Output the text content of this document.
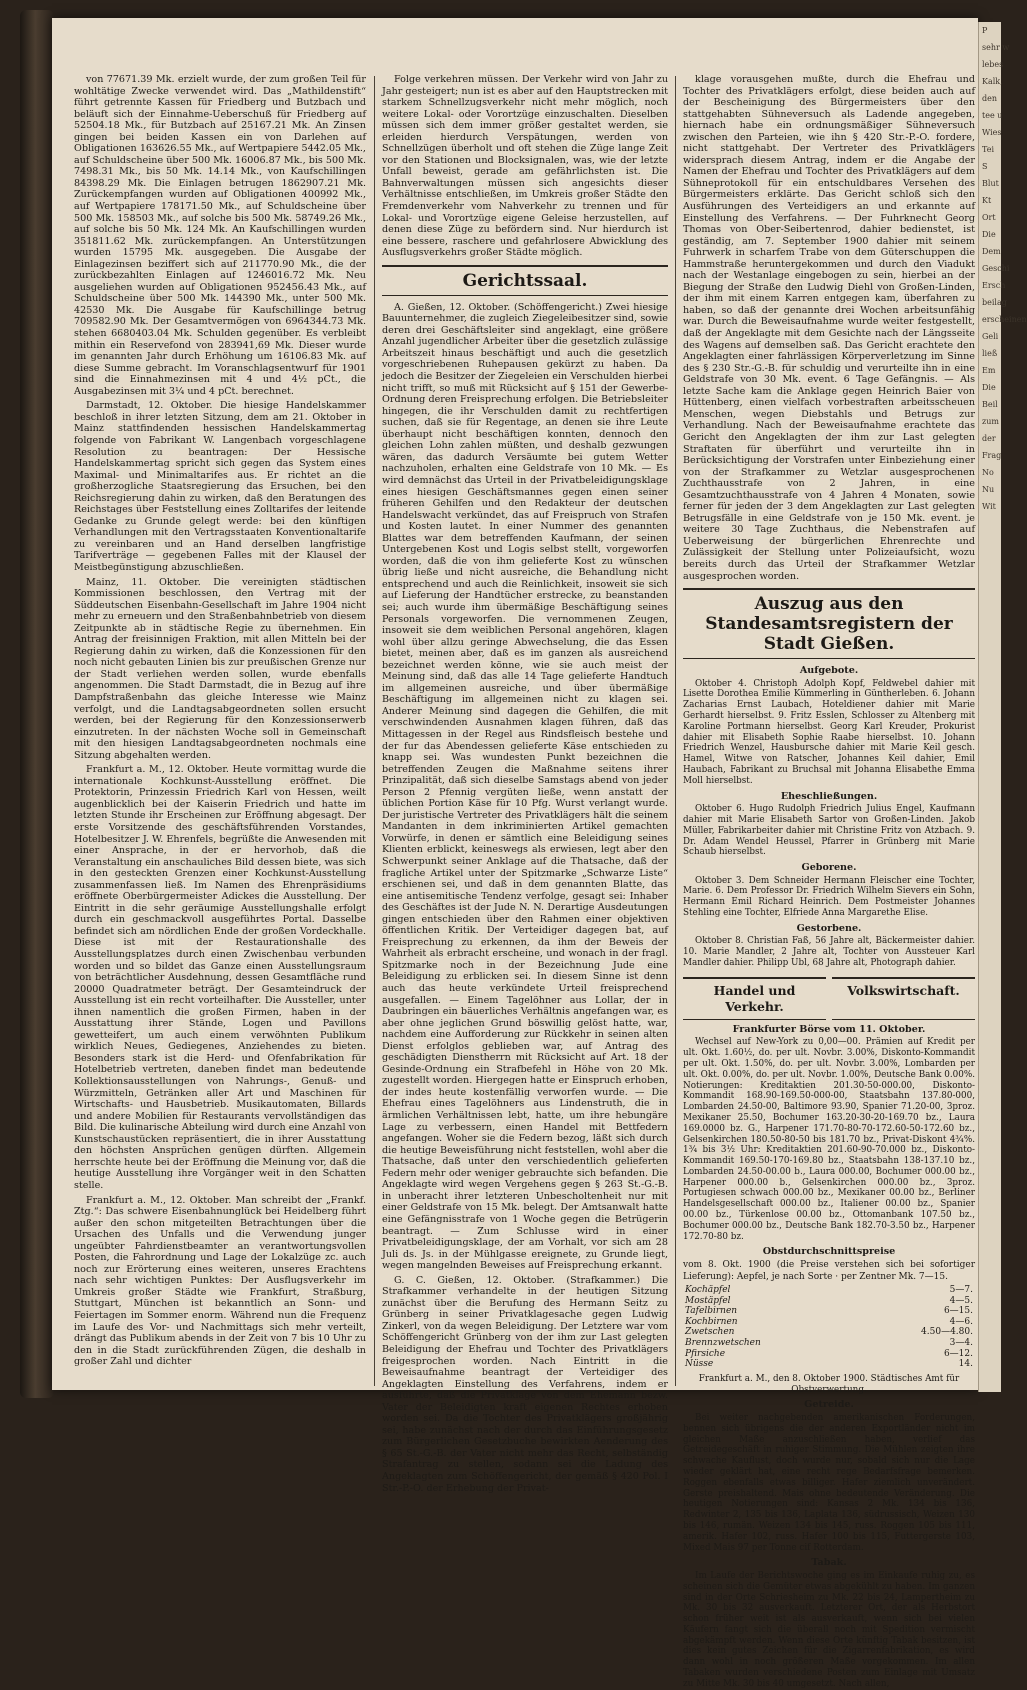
von 77671.39 Mk. erzielt wurde, der zum großen Teil für wohltätige Zwecke verwendet wird. Das „Mathildenstift“ führt getrennte Kassen für Friedberg und Butzbach und beläuft sich der Einnahme-Ueberschuß für Friedberg auf 52504.18 Mk., für Butzbach auf 25167.21 Mk. An Zinsen gingen bei beiden Kassen ein von Darlehen auf Obligationen 163626.55 Mk., auf Wertpapiere 5442.05 Mk., auf Schuldscheine über 500 Mk. 16006.87 Mk., bis 500 Mk. 7498.31 Mk., bis 50 Mk. 14.14 Mk., von Kaufschillingen 84398.29 Mk. Die Einlagen betrugen 1862907.21 Mk. Zurückempfangen wurden auf Obligationen 400992 Mk., auf Wertpapiere 178171.50 Mk., auf Schuldscheine über 500 Mk. 158503 Mk., auf solche bis 500 Mk. 58749.26 Mk., auf solche bis 50 Mk. 124 Mk. An Kaufschillingen wurden 351811.62 Mk. zurückempfangen. An Unterstützungen wurden 15795 Mk. ausgegeben. Die Ausgabe der Einlagezinsen beziffert sich auf 211770.90 Mk., die der zurückbezahlten Einlagen auf 1246016.72 Mk. Neu ausgeliehen wurden auf Obligationen 952456.43 Mk., auf Schuldscheine über 500 Mk. 144390 Mk., unter 500 Mk. 42530 Mk. Die Ausgabe für Kaufschillinge betrug 709582.90 Mk. Der Gesamtvermögen von 6964344.73 Mk. stehen 6680403.04 Mk. Schulden gegenüber. Es verbleibt mithin ein Reservefond von 283941,69 Mk. Dieser wurde im genannten Jahr durch Erhöhung um 16106.83 Mk. auf diese Summe gebracht. Im Voranschlagsentwurf für 1901 sind die Einnahmezinsen mit 4 und 4½ pCt., die Ausgabezinsen mit 3¼ und 4 pCt. berechnet.

Darmstadt, 12. Oktober. Die hiesige Handelskammer beschloß in ihrer letzten Sitzung, dem am 21. Oktober in Mainz stattfindenden hessischen Handelskammertag folgende von Fabrikant W. Langenbach vorgeschlagene Resolution zu beantragen: Der Hessische Handelskammertag spricht sich gegen das System eines Maximal- und Minimaltarifes aus. Er richtet an die großherzogliche Staatsregierung das Ersuchen, bei den Reichsregierung dahin zu wirken, daß den Beratungen des Reichstages über Feststellung eines Zolltarifes der leitende Gedanke zu Grunde gelegt werde: bei den künftigen Verhandlungen mit den Vertragsstaaten Konventionaltarife zu vereinbaren und an Hand derselben langfristige Tarifverträge — gegebenen Falles mit der Klausel der Meistbegünstigung abzuschließen.

Mainz, 11. Oktober. Die vereinigten städtischen Kommissionen beschlossen, den Vertrag mit der Süddeutschen Eisenbahn-Gesellschaft im Jahre 1904 nicht mehr zu erneuern und den Straßenbahnbetrieb von diesem Zeitpunkte ab in städtische Regie zu übernehmen. Ein Antrag der freisinnigen Fraktion, mit allen Mitteln bei der Regierung dahin zu wirken, daß die Konzessionen für den noch nicht gebauten Linien bis zur preußischen Grenze nur der Stadt verliehen werden sollen, wurde ebenfalls angenommen. Die Stadt Darmstadt, die in Bezug auf ihre Dampfstraßenbahn das gleiche Interesse wie Mainz verfolgt, und die Landtagsabgeordneten sollen ersucht werden, bei der Regierung für den Konzessionserwerb einzutreten. In der nächsten Woche soll in Gemeinschaft mit den hiesigen Landtagsabgeordneten nochmals eine Sitzung abgehalten werden.

Frankfurt a. M., 12. Oktober. Heute vormittag wurde die internationale Kochkunst-Ausstellung eröffnet. Die Protektorin, Prinzessin Friedrich Karl von Hessen, weilt augenblicklich bei der Kaiserin Friedrich und hatte im letzten Stunde ihr Erscheinen zur Eröffnung abgesagt. Der erste Vorsitzende des geschäftsführenden Vorstandes, Hotelbesitzer J. W. Ehrenfels, begrüßte die Anwesenden mit einer Ansprache, in der er hervorhob, daß die Veranstaltung ein anschauliches Bild dessen biete, was sich in den gesteckten Grenzen einer Kochkunst-Ausstellung zusammenfassen ließ. Im Namen des Ehrenpräsidiums eröffnete Oberbürgermeister Adickes die Ausstellung. Der Eintritt in die sehr geräumige Ausstellungshalle erfolgt durch ein geschmackvoll ausgeführtes Portal. Dasselbe befindet sich am nördlichen Ende der großen Vordeckhalle. Diese ist mit der Restaurationshalle des Ausstellungsplatzes durch einen Zwischenbau verbunden worden und so bildet das Ganze einen Ausstellungsraum von beträchtlicher Ausdehnung, dessen Gesamtfläche rund 20000 Quadratmeter beträgt. Der Gesamteindruck der Ausstellung ist ein recht vorteilhafter. Die Aussteller, unter ihnen namentlich die großen Firmen, haben in der Ausstattung ihrer Stände, Logen und Pavillons gewetteifert, um auch einem verwöhnten Publikum wirklich Neues, Gediegenes, Anziehendes zu bieten. Besonders stark ist die Herd- und Ofenfabrikation für Hotelbetrieb vertreten, daneben findet man bedeutende Kollektionsausstellungen von Nahrungs-, Genuß- und Würzmitteln, Getränken aller Art und Maschinen für Wirtschafts- und Hausbetrieb. Musikautomaten, Billards und andere Mobilien für Restaurants vervollständigen das Bild. Die kulinarische Abteilung wird durch eine Anzahl von Kunstschaustücken repräsentiert, die in ihrer Ausstattung den höchsten Ansprüchen genügen dürften. Allgemein herrschte heute bei der Eröffnung die Meinung vor, daß die heutige Ausstellung ihre Vorgänger weit in den Schatten stelle.

Frankfurt a. M., 12. Oktober. Man schreibt der „Frankf. Ztg.“: Das schwere Eisenbahnunglück bei Heidelberg führt außer den schon mitgeteilten Betrachtungen über die Ursachen des Unfalls und die Verwendung junger ungeübter Fahrdienstbeamter an verantwortungsvollen Posten, die Fahrordnung und Lage der Lokalzüge zc. auch noch zur Erörterung eines weiteren, unseres Erachtens nach sehr wichtigen Punktes: Der Ausflugsverkehr im Umkreis großer Städte wie Frankfurt, Straßburg, Stuttgart, München ist bekanntlich an Sonn- und Feiertagen im Sommer enorm. Während nun die Frequenz im Laufe des Vor- und Nachmittags sich mehr verteilt, drängt das Publikum abends in der Zeit von 7 bis 10 Uhr zu den in die Stadt zurückführenden Zügen, die deshalb in großer Zahl und dichter

Folge verkehren müssen. Der Verkehr wird von Jahr zu Jahr gesteigert; nun ist es aber auf den Hauptstrecken mit starkem Schnellzugsverkehr nicht mehr möglich, noch weitere Lokal- oder Vorortzüge einzuschalten. Dieselben müssen sich dem immer größer gestaltet werden, sie erleiden hierdurch Verspätungen, werden von Schnellzügen überholt und oft stehen die Züge lange Zeit vor den Stationen und Blocksignalen, was, wie der letzte Unfall beweist, gerade am gefährlichsten ist. Die Bahnverwaltungen müssen sich angesichts dieser Verhältnisse entschließen, im Umkreis großer Städte den Fremdenverkehr vom Nahverkehr zu trennen und für Lokal- und Vorortzüge eigene Geleise herzustellen, auf denen diese Züge zu befördern sind. Nur hierdurch ist eine bessere, raschere und gefahrlosere Abwicklung des Ausflugsverkehrs großer Städte möglich.

Gerichtssaal.

A. Gießen, 12. Oktober. (Schöffengericht.) Zwei hiesige Bauunternehmer, die zugleich Ziegeleibesitzer sind, sowie deren drei Geschäftsleiter sind angeklagt, eine größere Anzahl jugendlicher Arbeiter über die gesetzlich zulässige Arbeitszeit hinaus beschäftigt und auch die gesetzlich vorgeschriebenen Ruhepausen gekürzt zu haben. Da jedoch die Besitzer der Ziegeleien ein Verschulden hierbei nicht trifft, so muß mit Rücksicht auf § 151 der Gewerbe-Ordnung deren Freisprechung erfolgen. Die Betriebsleiter hingegen, die ihr Verschulden damit zu rechtfertigen suchen, daß sie für Regentage, an denen sie ihre Leute überhaupt nicht beschäftigen konnten, dennoch den gleichen Lohn zahlen müßten, und deshalb gezwungen wären, das dadurch Versäumte bei gutem Wetter nachzuholen, erhalten eine Geldstrafe von 10 Mk. — Es wird demnächst das Urteil in der Privatbeleidigungsklage eines hiesigen Geschäftsmannes gegen einen seiner früheren Gehilfen und den Redakteur der deutschen Handelswacht verkündet, das auf Freispruch von Strafen und Kosten lautet. In einer Nummer des genannten Blattes war dem betreffenden Kaufmann, der seinen Untergebenen Kost und Logis selbst stellt, vorgeworfen worden, daß die von ihm gelieferte Kost zu wünschen übrig ließe und nicht ausreiche, die Behandlung nicht entsprechend und auch die Reinlichkeit, insoweit sie sich auf Lieferung der Handtücher erstrecke, zu beanstanden sei; auch wurde ihm übermäßige Beschäftigung seines Personals vorgeworfen. Die vernommenen Zeugen, insoweit sie dem weiblichen Personal angehören, klagen wohl über allzu geringe Abwechselung, die das Essen bietet, meinen aber, daß es im ganzen als ausreichend bezeichnet werden könne, wie sie auch meist der Meinung sind, daß das alle 14 Tage gelieferte Handtuch im allgemeinen ausreiche, und über übermäßige Beschäftigung im allgemeinen nicht zu klagen sei. Anderer Meinung sind dagegen die Gehilfen, die mit verschwindenden Ausnahmen klagen führen, daß das Mittagessen in der Regel aus Rindsfleisch bestehe und der fur das Abendessen gelieferte Käse entschieden zu knapp sei. Was wundesten Punkt bezeichnen die betreffenden Zeugen die Maßnahme seitens ihrer Prinzipalität, daß sich dieselbe Samstags abend von jeder Person 2 Pfennig vergüten ließe, wenn anstatt der üblichen Portion Käse für 10 Pfg. Wurst verlangt wurde. Der juristische Vertreter des Privatklägers hält die seinem Mandanten in dem inkriminierten Artikel gemachten Vorwürfe, in denen er sämtlich eine Beleidigung seines Klienten erblickt, keineswegs als erwiesen, legt aber den Schwerpunkt seiner Anklage auf die Thatsache, daß der fragliche Artikel unter der Spitzmarke „Schwarze Liste“ erschienen sei, und daß in dem genannten Blatte, das eine antisemitische Tendenz verfolge, gesagt sei: Inhaber des Geschäftes ist der Jude N. N. Derartige Ausdeutungen gingen entschieden über den Rahmen einer objektiven öffentlichen Kritik. Der Verteidiger dagegen bat, auf Freisprechung zu erkennen, da ihm der Beweis der Wahrheit als erbracht erscheine, und wonach in der fragl. Spitzmarke noch in der Bezeichnung Jude eine Beleidigung zu erblicken sei. In diesem Sinne ist denn auch das heute verkündete Urteil freisprechend ausgefallen. — Einem Tagelöhner aus Lollar, der in Daubringen ein bäuerliches Verhältnis angefangen war, es aber ohne jeglichen Grund böswillig gelöst hatte, war, nachdem eine Aufforderung zur Rückkehr in seinen alten Dienst erfolglos geblieben war, auf Antrag des geschädigten Dienstherrn mit Rücksicht auf Art. 18 der Gesinde-Ordnung ein Strafbefehl in Höhe von 20 Mk. zugestellt worden. Hiergegen hatte er Einspruch erhoben, der indes heute kostenfällig verworfen wurde. — Die Ehefrau eines Tagelöhners aus Lindenstruth, die in ärmlichen Verhältnissen lebt, hatte, um ihre hebungäre Lage zu verbessern, einen Handel mit Bettfedern angefangen. Woher sie die Federn bezog, läßt sich durch die heutige Beweisführung nicht feststellen, wohl aber die Thatsache, daß unter den verschiedentlich gelieferten Federn mehr oder weniger gebrauchte sich befanden. Die Angeklagte wird wegen Vergehens gegen § 263 St.-G.-B. in unberacht ihrer letzteren Unbescholtenheit nur mit einer Geldstrafe von 15 Mk. belegt. Der Amtsanwalt hatte eine Gefängnisstrafe von 1 Woche gegen die Betrügerin beantragt. — Zum Schlusse wird in einer Privatbeleidigungsklage, der am Vorhalt, vor sich am 28 Juli ds. Js. in der Mühlgasse ereignete, zu Grunde liegt, wegen mangelnden Beweises auf Freisprechung erkannt.

G. C. Gießen, 12. Oktober. (Strafkammer.) Die Strafkammer verhandelte in der heutigen Sitzung zunächst über die Berufung des Hermann Seitz zu Grünberg in seiner Privatklagesache gegen Ludwig Zinkerl, von da wegen Beleidigung. Der Letztere war vom Schöffengericht Grünberg von der ihm zur Last gelegten Beleidigung der Ehefrau und Tochter des Privatklägers freigesprochen worden. Nach Eintritt in die Beweisaufnahme beantragt der Verteidiger des Angeklagten Einstellung des Verfahrens, indem er ausführte, daß die Privatklage von dem Ehemann bezw. Vater der Beleidigten kraft eigenen Rechtes erhoben worden sei. Da die Tochter des Privatklägers großjährig sei, habe zunächst nach der durch das Einführungsgesetz zum Bürgerlichen Gesetzbuche bewirkten Aenderung des § 65 St.-G.-B. der Vater nicht mehr das Recht, selbständig Strafantrag zu stellen, sodann sei die Ladung des Angeklagten zum Schöffengericht, der gemäß § 420 Pol. I Str.-P.-O. der Erhebung der Privat-

klage vorausgehen mußte, durch die Ehefrau und Tochter des Privatklägers erfolgt, diese beiden auch auf der Bescheinigung des Bürgermeisters über den stattgehabten Sühneversuch als Ladende angegeben, hiernach habe ein ordnungsmäßiger Sühneversuch zwischen den Parteien, wie ihn § 420 Str.-P.-O. fordere, nicht stattgehabt. Der Vertreter des Privatklägers widersprach diesem Antrag, indem er die Angabe der Namen der Ehefrau und Tochter des Privatklägers auf dem Sühneprotokoll für ein entschuldbares Versehen des Bürgermeisters erklärte. Das Gericht schloß sich den Ausführungen des Verteidigers an und erkannte auf Einstellung des Verfahrens. — Der Fuhrknecht Georg Thomas von Ober-Seibertenrod, dahier bedienstet, ist geständig, am 7. September 1900 dahier mit seinem Fuhrwerk in scharfem Trabe von dem Güterschuppen die Hammstraße heruntergekommen und durch den Viadukt nach der Westanlage eingebogen zu sein, hierbei an der Biegung der Straße den Ludwig Diehl von Großen-Linden, der ihm mit einem Karren entgegen kam, überfahren zu haben, so daß der genannte drei Wochen arbeitsunfähig war. Durch die Beweisaufnahme wurde weiter festgestellt, daß der Angeklagte mit dem Gesichte nach der Längsseite des Wagens auf demselben saß. Das Gericht erachtete den Angeklagten einer fahrlässigen Körperverletzung im Sinne des § 230 Str.-G.-B. für schuldig und verurteilte ihn in eine Geldstrafe von 30 Mk. event. 6 Tage Gefängnis. — Als letzte Sache kam die Anklage gegen Heinrich Baier von Hüttenberg, einen vielfach vorbestraften arbeitsscheuen Menschen, wegen Diebstahls und Betrugs zur Verhandlung. Nach der Beweisaufnahme erachtete das Gericht den Angeklagten der ihm zur Last gelegten Straftaten für überführt und verurteilte ihn in Berücksichtigung der Vorstrafen unter Einbeziehung einer von der Strafkammer zu Wetzlar ausgesprochenen Zuchthausstrafe von 2 Jahren, in eine Gesamtzuchthausstrafe von 4 Jahren 4 Monaten, sowie ferner für jeden der 3 dem Angeklagten zur Last gelegten Betrugsfälle in eine Geldstrafe von je 150 Mk. event. je weitere 30 Tage Zuchthaus, die Nebenstrafen auf Ueberweisung der bürgerlichen Ehrenrechte und Zulässigkeit der Stellung unter Polizeiaufsicht, wozu bereits durch das Urteil der Strafkammer Wetzlar ausgesprochen worden.

Auszug aus den Standesamtsregistern der Stadt Gießen.
Aufgebote.

Oktober 4. Christoph Adolph Kopf, Feldwebel dahier mit Lisette Dorothea Emilie Kümmerling in Güntherleben. 6. Johann Zacharias Ernst Laubach, Hoteldiener dahier mit Marie Gerhardt hierselbst. 9. Fritz Esslen, Schlosser zu Altenberg mit Karoline Portmann hierselbst. Georg Karl Kreuder, Prokurist dahier mit Elisabeth Sophie Raabe hierselbst. 10. Johann Friedrich Wenzel, Hausbursche dahier mit Marie Keil gesch. Hamel, Witwe von Ratscher, Johannes Keil dahier, Emil Haubach, Fabrikant zu Bruchsal mit Johanna Elisabethe Emma Moll hierselbst.

Eheschließungen.

Oktober 6. Hugo Rudolph Friedrich Julius Engel, Kaufmann dahier mit Marie Elisabeth Sartor von Großen-Linden. Jakob Müller, Fabrikarbeiter dahier mit Christine Fritz von Atzbach. 9. Dr. Adam Wendel Heussel, Pfarrer in Grünberg mit Marie Schaub hierselbst.

Geborene.

Oktober 3. Dem Schneider Hermann Fleischer eine Tochter, Marie. 6. Dem Professor Dr. Friedrich Wilhelm Sievers ein Sohn, Hermann Emil Richard Heinrich. Dem Postmeister Johannes Stehling eine Tochter, Elfriede Anna Margarethe Elise.

Gestorbene.

Oktober 8. Christian Faß, 56 Jahre alt, Bäckermeister dahier. 10. Marie Mandler, 2 Jahre alt, Tochter von Aussteuer Karl Mandler dahier. Philipp Ubl, 68 Jahre alt, Photograph dahier.

Handel und Verkehr.
Volkswirtschaft.
Frankfurter Börse vom 11. Oktober.

Wechsel auf New-York zu 0,00—00. Prämien auf Kredit per ult. Okt. 1.60½, do. per ult. Novbr. 3.00%, Diskonto-Kommandit per ult. Okt. 1.50%, do. per ult. Novbr. 3.00%, Lombarden per ult. Okt. 0.00%, do. per ult. Novbr. 1.00%, Deutsche Bank 0.00%. Notierungen: Kreditaktien 201.30-50-000.00, Diskonto-Kommandit 168.90-169.50-000-00, Staatsbahn 137.80-000, Lombarden 24.50-00, Baltimore 93.90, Spanier 71.20-00, 3proz. Mexikaner 25.50, Bochumer 163.20-30-20-169.70 bz., Laura 169.0000 bz. G., Harpener 171.70-80-70-172.60-50-172.60 bz., Gelsenkirchen 180.50-80-50 bis 181.70 bz., Privat-Diskont 4¾%. 1¾ bis 3½ Uhr: Kreditaktien 201.60-90-70.000 bz., Diskonto-Kommandit 169.50-170-169.80 bz., Staatsbahn 138-137.10 bz., Lombarden 24.50-00.00 b., Laura 000.00, Bochumer 000.00 bz., Harpener 000.00 b., Gelsenkirchen 000.00 bz., 3proz. Portugiesen schwach 000.00 bz., Mexikaner 00.00 bz., Berliner Handelsgesellschaft 000.00 bz., Italiener 00.00 bz., Spanier 00.00 bz., Türkenlose 00.00 bz., Ottomanbank 107.50 bz., Bochumer 000.00 bz., Deutsche Bank 182.70-3.50 bz., Harpener 172.70-80 bz.

Obstdurchschnittspreise
vom 8. Okt. 1900 (die Preise verstehen sich bei sofortiger Lieferung): Aepfel, je nach Sorte · per Zentner Mk. 7—15.
Kochäpfel	5—7.
Mostäpfel	4—5.
Tafelbirnen	6—15.
Kochbirnen	4—6.
Zwetschen	4.50—4.80.
Brennzwetschen	3—4.
Pfirsiche	6—12.
Nüsse	14.
Frankfurt a. M., den 8. Oktober 1900. Städtisches Amt für Obstverwertung.
Getreide.

Bei weiter nachgebenden amerikanischen Forderungen, bennen sich übrigens die der anderen Exportländer nicht im gleichen Maße anzuschließen haben, verlief das Getreidegeschäft in ruhiger Stimmung. Die Mühlen zeigten ihre schwache Kauflust, doch wurde nur, sobald sich nur die Lage wieder geklärt hat, eine recht rege Bedarfsfrage bemerken. Roggen ebenfalls etwas billiger. Hafer ziemlich unverändert. Gerste preishaltend. Mais ohne bedeutende Veränderung. Die heutigen Notierungen sind: Kansas 2 Mk. 134 bis 136, Redwinter 2, 135 bis 136, Laplata 136, südrussisch, Weizen 130 bis 146, rumän. Weizen 134 bis 145, russ. Roggen 105 bis 111, amerik. Hafer 102, russ. Hafer 100 bis 115, Futtergerste 103, Mixed Mais 97 per Tonne cif Rotterdam.

Tabak.

Im Laufe der Berichtswoche ging es im Einkaufe ruhig zu, es scheinen sich die Gemüter etwas abgekühlt zu haben. Im ganzen sind in der Orte Schriesheim zu Mk. 22 bis 24, Lampertheim zu Mk. 30 bis 32 ausverkauft. Letzterer Ort, der als Herbstort schon früher weit ist als ausverkauft, wenn sich bei vielen Käufern fangt sich die überall noch mit Spedition vermischt abgekämpft werden. Wenn diese Orte künftig Tabak besitzen, ist dies kein gutes Zeichen für die Zigarrenfabrikation, es wird dann wohl in noch größeren Maße vorgekommen. Im allen Tabaken wurden verschiedene Posten zum Einlage mit Umsatz zu Mitte Mk. 30 bis 40 umgesetzt. Nach allen,

P
sehr w
lebes
Kalk,
den
tee u
Wies
Tei
S
Blut
Kt
Ort
Die
Dem
Geschi
Ersch
beilag
erscheinen
Geli
ließ
Em
Die
Beil
zum
der
Frag
No
Nu
Wit
